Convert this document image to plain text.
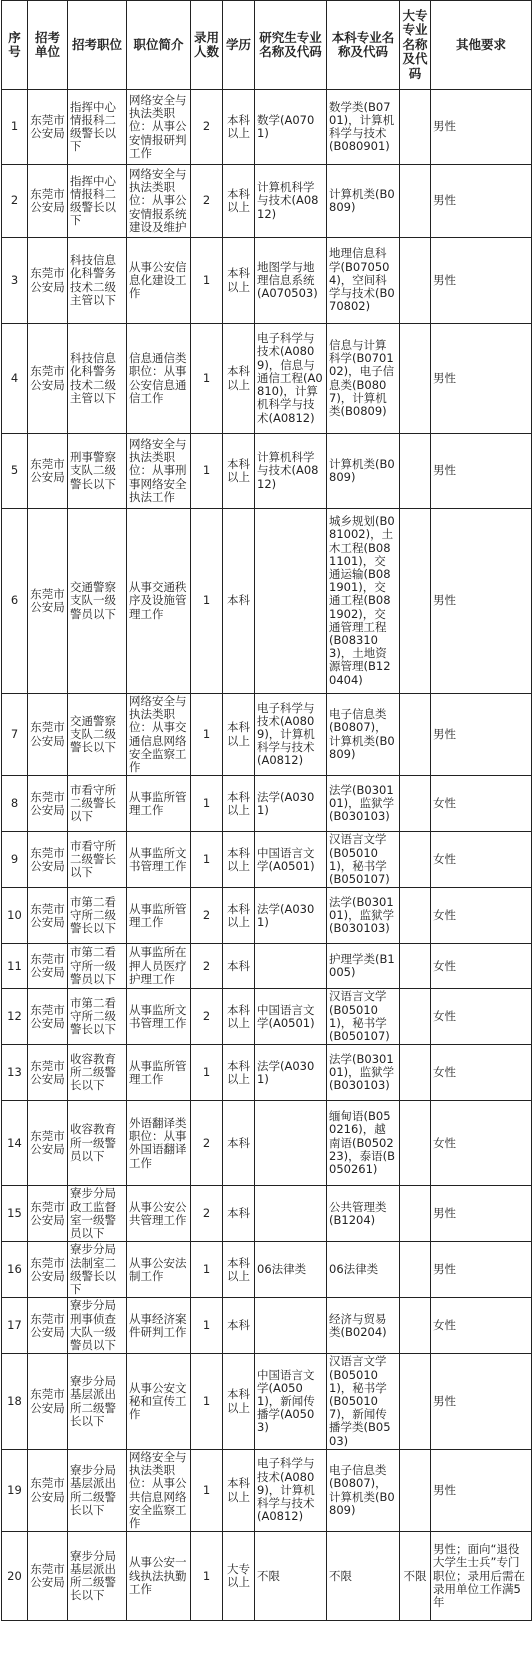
序号	招考单位	招考职位	职位简介	录用人数	学历	研究生专业名称及代码	本科专业名称及代码	大专专业名称及代码	其他要求
1	东莞市公安局	指挥中心情报科二级警长以下	网络安全与执法类职位：从事公安情报研判工作	2	本科以上	数学(A0701)	数学类(B0701)，计算机科学与技术(B080901)		男性
2	东莞市公安局	指挥中心情报科二级警长以下	网络安全与执法类职位：从事公安情报系统建设及维护	2	本科以上	计算机科学与技术(A0812)	计算机类(B0809)		男性
3	东莞市公安局	科技信息化科警务技术二级主管以下	从事公安信息化建设工作	1	本科以上	地图学与地理信息系统(A070503)	地理信息科学(B070504)，空间科学与技术(B070802)		男性
4	东莞市公安局	科技信息化科警务技术二级主管以下	信息通信类职位：从事公安信息通信工作	1	本科以上	电子科学与技术(A0809)，信息与通信工程(A0810)，计算机科学与技术(A0812)	信息与计算科学(B070102)，电子信息类(B0807)，计算机类(B0809)		男性
5	东莞市公安局	刑事警察支队二级警长以下	网络安全与执法类职位：从事刑事网络安全执法工作	1	本科以上	计算机科学与技术(A0812)	计算机类(B0809)		男性
6	东莞市公安局	交通警察支队一级警员以下	从事交通秩序及设施管理工作	1	本科		城乡规划(B081002)，土木工程(B081101)，交通运输(B081901)，交通工程(B081902)，交通管理工程(B083103)，土地资源管理(B120404)		男性
7	东莞市公安局	交通警察支队二级警长以下	网络安全与执法类职位：从事交通信息网络安全监察工作	1	本科以上	电子科学与技术(A0809)，计算机科学与技术(A0812)	电子信息类(B0807)，计算机类(B0809)		男性
8	东莞市公安局	市看守所二级警长以下	从事监所管理工作	1	本科以上	法学(A0301)	法学(B030101)，监狱学(B030103)		女性
9	东莞市公安局	市看守所二级警长以下	从事监所文书管理工作	1	本科以上	中国语言文学(A0501)	汉语言文学(B050101)，秘书学(B050107)		女性
10	东莞市公安局	市第二看守所二级警长以下	从事监所管理工作	2	本科以上	法学(A0301)	法学(B030101)，监狱学(B030103)		女性
11	东莞市公安局	市第二看守所一级警员以下	从事监所在押人员医疗护理工作	2	本科		护理学类(B1005)		女性
12	东莞市公安局	市第二看守所二级警长以下	从事监所文书管理工作	2	本科以上	中国语言文学(A0501)	汉语言文学(B050101)，秘书学(B050107)		女性
13	东莞市公安局	收容教育所二级警长以下	从事监所管理工作	1	本科以上	法学(A0301)	法学(B030101)，监狱学(B030103)		女性
14	东莞市公安局	收容教育所一级警员以下	外语翻译类职位：从事外国语翻译工作	2	本科		缅甸语(B050216)，越南语(B050223)，泰语(B050261)		女性
15	东莞市公安局	寮步分局政工监督室一级警员以下	从事公安公共管理工作	2	本科		公共管理类(B1204)		男性
16	东莞市公安局	寮步分局法制室二级警长以下	从事公安法制工作	1	本科以上	06法律类	06法律类		男性
17	东莞市公安局	寮步分局刑事侦查大队一级警员以下	从事经济案件研判工作	1	本科		经济与贸易类(B0204)		女性
18	东莞市公安局	寮步分局基层派出所二级警长以下	从事公安文秘和宣传工作	1	本科以上	中国语言文学(A0501)，新闻传播学(A0503)	汉语言文学(B050101)，秘书学(B050107)，新闻传播学类(B0503)		男性
19	东莞市公安局	寮步分局基层派出所二级警长以下	网络安全与执法类职位：从事公共信息网络安全监察工作	1	本科以上	电子科学与技术(A0809)，计算机科学与技术(A0812)	电子信息类(B0807)，计算机类(B0809)		男性
20	东莞市公安局	寮步分局基层派出所二级警长以下	从事公安一线执法执勤工作	1	大专以上	不限	不限	不限	男性；面向“退役大学生士兵”专门职位；录用后需在录用单位工作满5年
